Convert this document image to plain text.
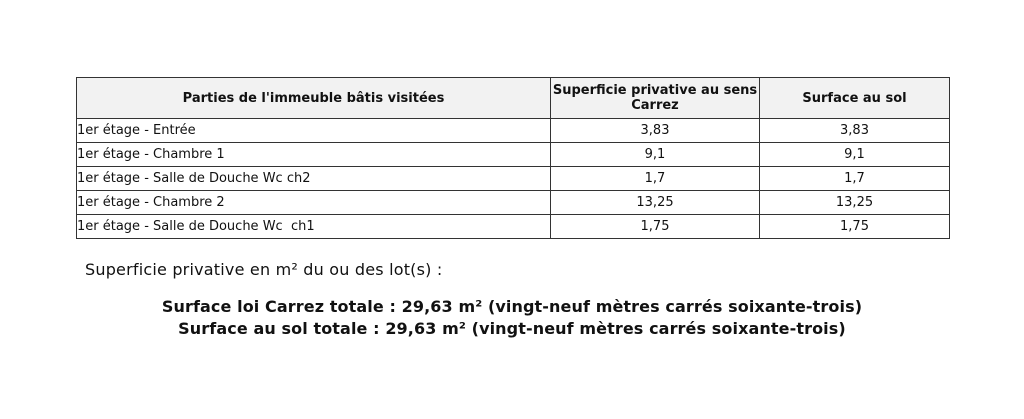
Parties de l'immeuble bâtis visitées	Superficie privative au sens Carrez	Surface au sol
1er étage - Entrée	3,83	3,83
1er étage - Chambre 1	9,1	9,1
1er étage - Salle de Douche Wc ch2	1,7	1,7
1er étage - Chambre 2	13,25	13,25
1er étage - Salle de Douche Wc  ch1	1,75	1,75
Superficie privative en m² du ou des lot(s) :
Surface loi Carrez totale : 29,63 m² (vingt-neuf mètres carrés soixante-trois)
Surface au sol totale : 29,63 m² (vingt-neuf mètres carrés soixante-trois)
